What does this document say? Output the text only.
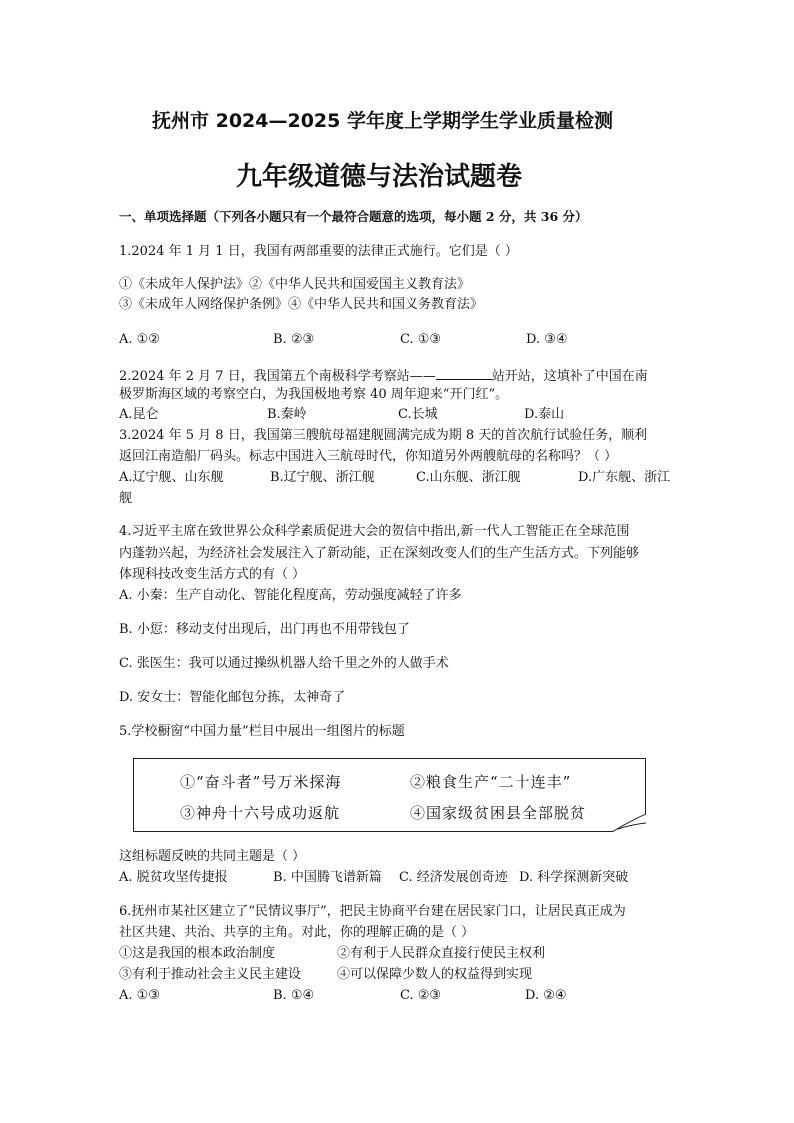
抚州市 2024—2025 学年度上学期学生学业质量检测
九年级道德与法治试题卷
一、单项选择题（下列各小题只有一个最符合题意的选项，每小题 2 分，共 36 分）
1.2024 年 1 月 1 日，我国有两部重要的法律正式施行。它们是（ ）
①《未成年人保护法》②《中华人民共和国爱国主义教育法》
③《未成年人网络保护条例》④《中华人民共和国义务教育法》
A. ①②	B. ②③	C. ①③	D. ③④
2.2024 年 2 月 7 日，我国第五个南极科学考察站——	站开站，这填补了中国在南
极罗斯海区域的考察空白，为我国极地考察 40 周年迎来“开门红”。
A.昆仑	B.秦岭	C.长城	D.泰山
3.2024 年 5 月 8 日，我国第三艘航母福建舰圆满完成为期 8 天的首次航行试验任务，顺利
返回江南造船厂码头。标志中国进入三航母时代，你知道另外两艘航母的名称吗？（ ）
A.辽宁舰、山东舰	B.辽宁舰、浙江舰	C.山东舰、浙江舰	D.广东舰、浙江
舰
4.习近平主席在致世界公众科学素质促进大会的贺信中指出,新一代人工智能正在全球范围
内蓬勃兴起，为经济社会发展注入了新动能，正在深刻改变人们的生产生活方式。下列能够
体现科技改变生活方式的有（ ）
A. 小秦：生产自动化、智能化程度高，劳动强度减轻了许多
B. 小愆：移动支付出现后，出门再也不用带钱包了
C. 张医生：我可以通过操纵机器人给千里之外的人做手术
D. 安女士：智能化邮包分拣，太神奇了
5.学校橱窗“中国力量”栏目中展出一组图片的标题
①“奋斗者”号万米探海	②粮食生产“二十连丰”
③神舟十六号成功返航	④国家级贫困县全部脱贫
这组标题反映的共同主题是（ ）
A. 脱贫攻坚传捷报	B. 中国腾飞谱新篇 C. 经济发展创奇迹 D. 科学探测新突破
6.抚州市某社区建立了“民情议事厅”，把民主协商平台建在居民家门口，让居民真正成为
社区共建、共治、共享的主角。对此，你的理解正确的是（ ）
①这是我国的根本政治制度	②有利于人民群众直接行使民主权利
③有利于推动社会主义民主建设	④可以保障少数人的权益得到实现
A. ①③	B. ①④	C. ②③	D. ②④
